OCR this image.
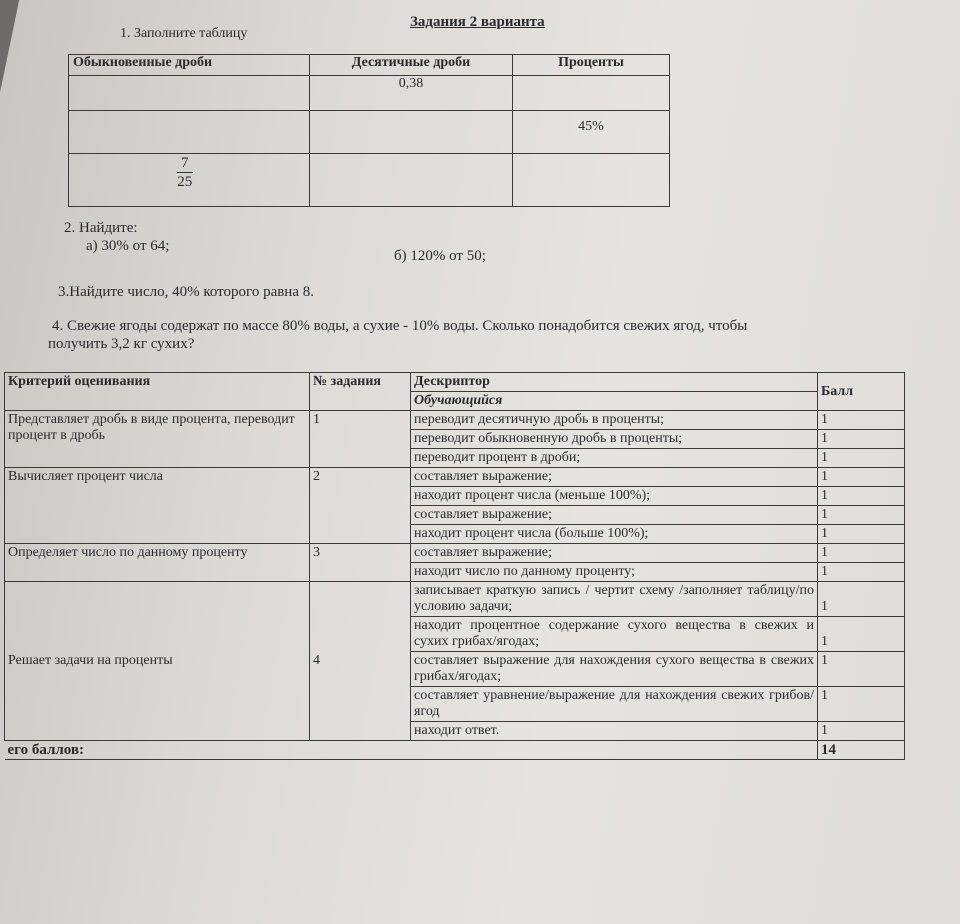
Задания 2 варианта
1. Заполните таблицу
Обыкновенные дроби	Десятичные дроби	Проценты
	0,38	
		45%

$\frac{7}{25}$

2. Найдите:
а) 30% от 64;
б) 120% от 50;
3.Найдите число, 40% которого равна 8.
4. Свежие ягоды содержат по массе 80% воды, а сухие - 10% воды. Сколько понадобится свежих ягод, чтобы
получить 3,2 кг сухих?
Критерий оценивания	№ задания	Дескриптор	Балл
		Обучающийся	
Представляет дробь в виде процента, переводит процент в дробь	1	переводит десятичную дробь в проценты;	1
		переводит обыкновенную дробь в проценты;	1
		переводит процент в дроби;	1
Вычисляет процент числа	2	составляет выражение;	1
		находит процент числа (меньше 100%);	1
		составляет выражение;	1
		находит процент числа (больше 100%);	1
Определяет число по данному проценту	3	составляет выражение;	1
		находит число по данному проценту;	1
Решает задачи на проценты	4	записывает краткую запись / чертит схему /заполняет таблицу/по условию задачи;	1
		находит процентное содержание сухого вещества в свежих и сухих грибах/ягодах;	1
		составляет выражение для нахождения сухого вещества в свежих грибах/ягодах;	1
		составляет уравнение/выражение для нахождения свежих грибов/ягод	1
		находит ответ.	1
его баллов:			14
